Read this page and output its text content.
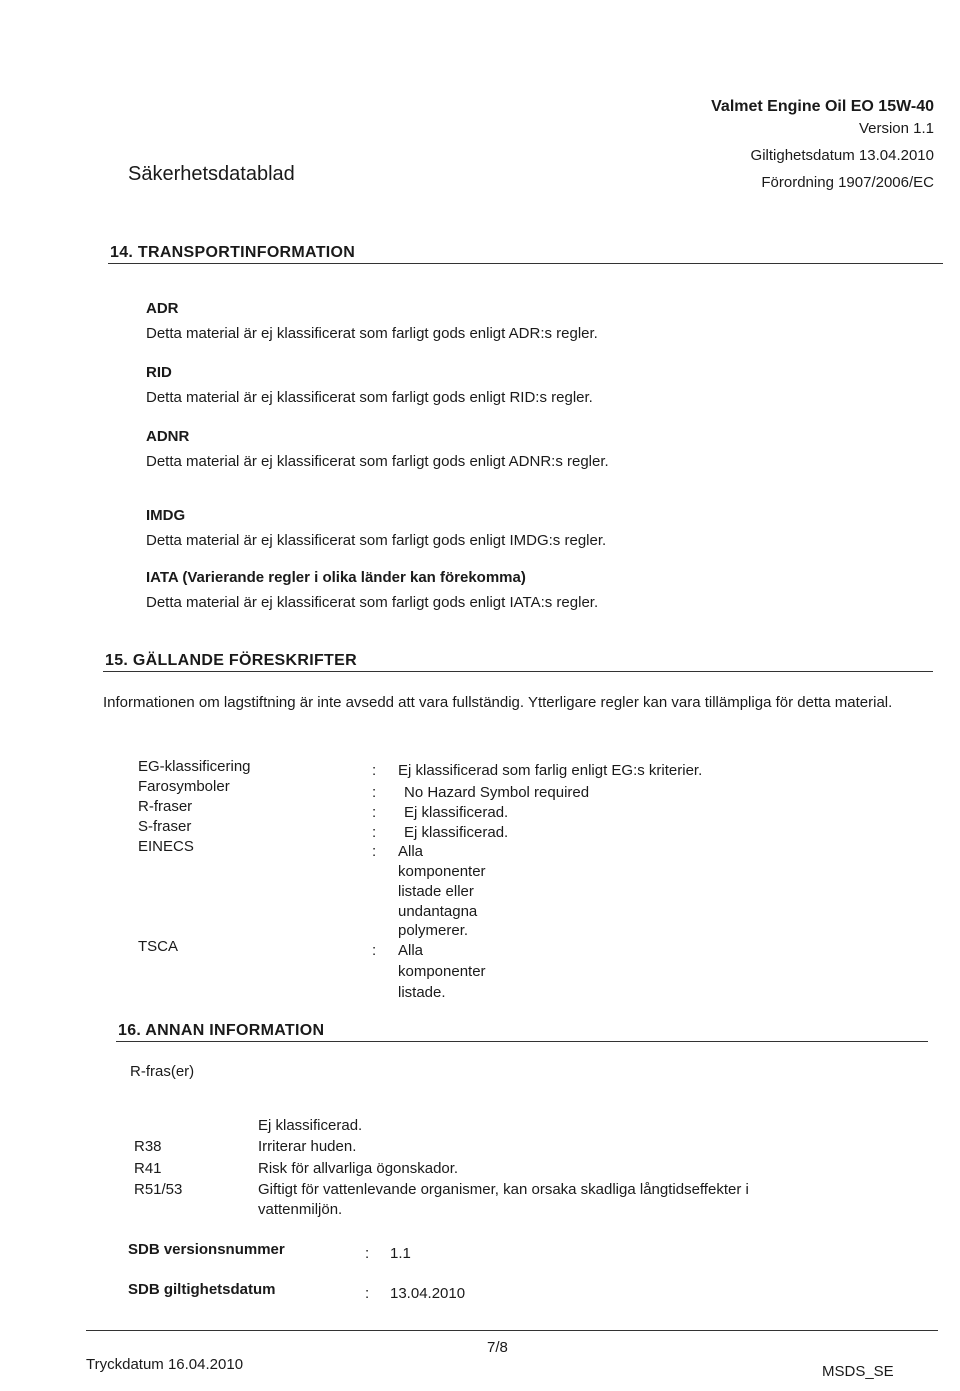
Säkerhetsdatablad
Valmet Engine Oil EO 15W-40
Version 1.1
Giltighetsdatum 13.04.2010
Förordning 1907/2006/EC
14. TRANSPORTINFORMATION
ADR
Detta material är ej klassificerat som farligt gods enligt ADR:s regler.
RID
Detta material är ej klassificerat som farligt gods enligt RID:s regler.
ADNR
Detta material är ej klassificerat som farligt gods enligt ADNR:s regler.
IMDG
Detta material är ej klassificerat som farligt gods enligt IMDG:s regler.
IATA (Varierande regler i olika länder kan förekomma)
Detta material är ej klassificerat som farligt gods enligt IATA:s regler.
15. GÄLLANDE FÖRESKRIFTER
Informationen om lagstiftning är inte avsedd att vara fullständig. Ytterligare regler kan vara tillämpliga för detta material.
EG-klassificering	: Ej klassificerad som farlig enligt EG:s kriterier.
Farosymboler	: No Hazard Symbol required
R-fraser	: Ej klassificerad.
S-fraser	: Ej klassificerad.
EINECS	: Alla
komponenter
listade eller
undantagna
polymerer.
TSCA	: Alla
komponenter
listade.
16. ANNAN INFORMATION
R-fras(er)
Ej klassificerad.
R38	Irriterar huden.
R41	Risk för allvarliga ögonskador.
R51/53	Giftigt för vattenlevande organismer, kan orsaka skadliga långtidseffekter i
vattenmiljön.
SDB versionsnummer	: 1.1
SDB giltighetsdatum	: 13.04.2010
7/8
Tryckdatum 16.04.2010	MSDS_SE
